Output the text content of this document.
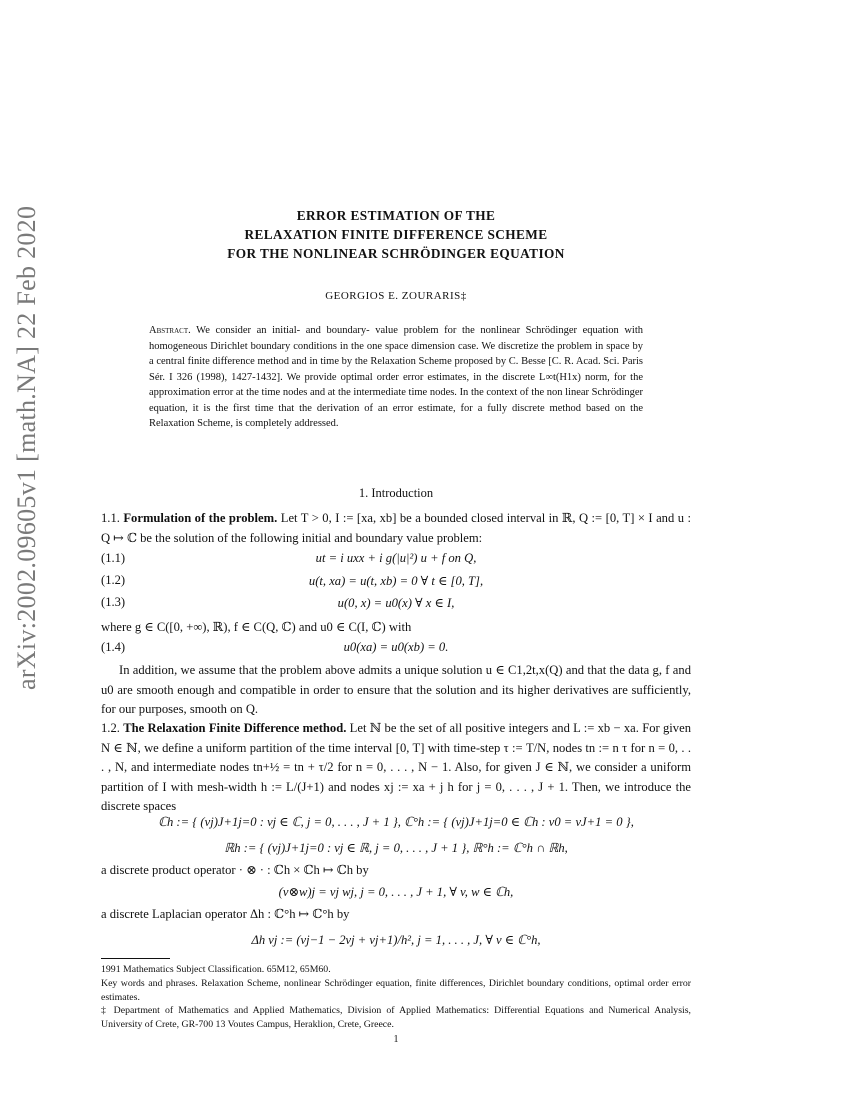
arXiv:2002.09605v1 [math.NA] 22 Feb 2020	ERROR ESTIMATION OF THE
RELAXATION FINITE DIFFERENCE SCHEME
FOR THE NONLINEAR SCHRÖDINGER EQUATION
GEORGIOS E. ZOURARIS‡
Abstract. We consider an initial- and boundary- value problem for the nonlinear Schrödinger equation with homogeneous Dirichlet boundary conditions in the one space dimension case. We discretize the problem in space by a central finite difference method and in time by the Relaxation Scheme proposed by C. Besse [C. R. Acad. Sci. Paris Sér. I 326 (1998), 1427-1432]. We provide optimal order error estimates, in the discrete L∞t(H1x) norm, for the approximation error at the time nodes and at the intermediate time nodes. In the context of the non linear Schrödinger equation, it is the first time that the derivation of an error estimate, for a fully discrete method based on the Relaxation Scheme, is completely addressed.
1. Introduction
1.1. Formulation of the problem. Let T > 0, I := [xa, xb] be a bounded closed interval in ℝ, Q := [0, T] × I and u : Q ↦ ℂ be the solution of the following initial and boundary value problem:
(1.1)	ut = i uxx + i g(|u|²) u + f on Q,
(1.2)	u(t, xa) = u(t, xb) = 0 ∀ t ∈ [0, T],
(1.3)	u(0, x) = u0(x) ∀ x ∈ I,
where g ∈ C([0, +∞), ℝ), f ∈ C(Q, ℂ) and u0 ∈ C(I, ℂ) with
(1.4)	u0(xa) = u0(xb) = 0.
In addition, we assume that the problem above admits a unique solution u ∈ C1,2t,x(Q) and that the data g, f and u0 are smooth enough and compatible in order to ensure that the solution and its higher derivatives are sufficiently, for our purposes, smooth on Q.
1.2. The Relaxation Finite Difference method. Let ℕ be the set of all positive integers and L := xb − xa. For given N ∈ ℕ, we define a uniform partition of the time interval [0, T] with time-step τ := T/N, nodes tn := n τ for n = 0, . . . , N, and intermediate nodes tn+½ = tn + τ/2 for n = 0, . . . , N − 1. Also, for given J ∈ ℕ, we consider a uniform partition of I with mesh-width h := L/(J+1) and nodes xj := xa + j h for j = 0, . . . , J + 1. Then, we introduce the discrete spaces
ℂh := { (vj)J+1j=0 : vj ∈ ℂ, j = 0, . . . , J + 1 }, ℂ°h := { (vj)J+1j=0 ∈ ℂh : v0 = vJ+1 = 0 },
ℝh := { (vj)J+1j=0 : vj ∈ ℝ, j = 0, . . . , J + 1 }, ℝ°h := ℂ°h ∩ ℝh,
a discrete product operator · ⊗ · : ℂh × ℂh ↦ ℂh by
(v⊗w)j = vj wj, j = 0, . . . , J + 1, ∀ v, w ∈ ℂh,
a discrete Laplacian operator Δh : ℂ°h ↦ ℂ°h by
Δh vj := (vj−1 − 2vj + vj+1)/h², j = 1, . . . , J, ∀ v ∈ ℂ°h,
1991 Mathematics Subject Classification. 65M12, 65M60.
Key words and phrases. Relaxation Scheme, nonlinear Schrödinger equation, finite differences, Dirichlet boundary conditions, optimal order error estimates.
‡ Department of Mathematics and Applied Mathematics, Division of Applied Mathematics: Differential Equations and Numerical Analysis, University of Crete, GR-700 13 Voutes Campus, Heraklion, Crete, Greece.
1
